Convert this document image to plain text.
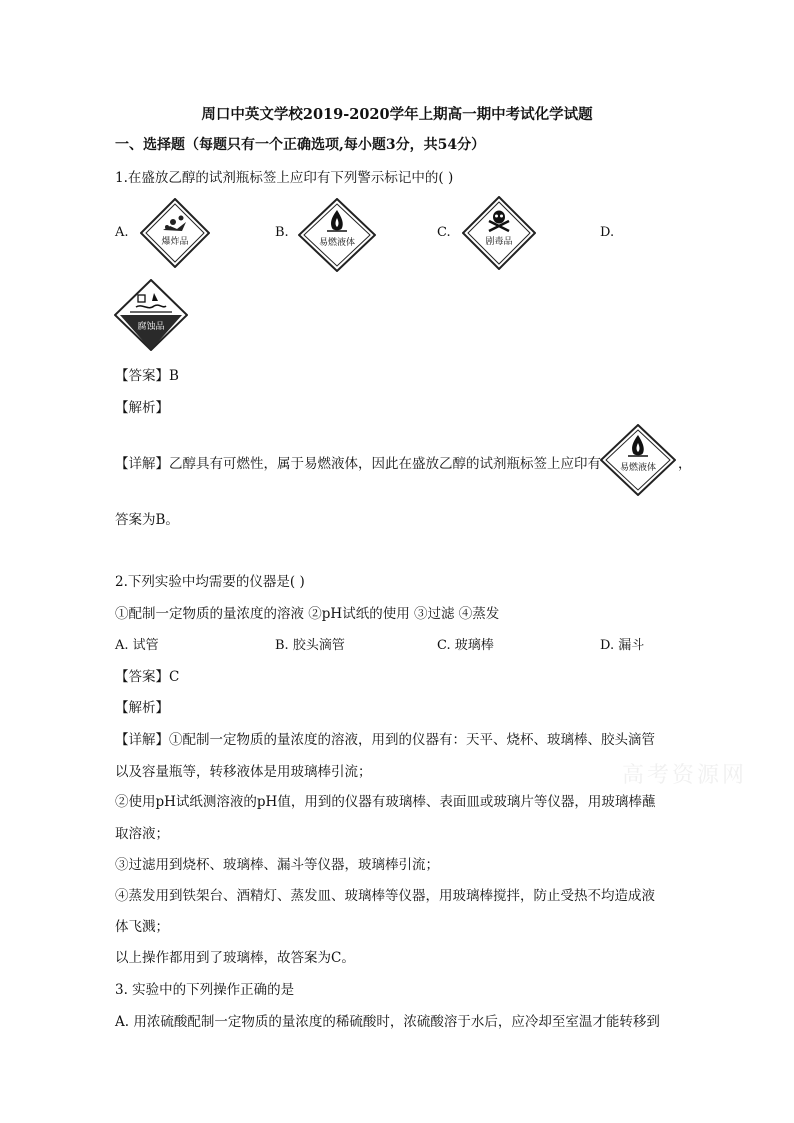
周口中英文学校2019-2020学年上期高一期中考试化学试题
一、选择题（每题只有一个正确选项,每小题3分，共54分）
1.在盛放乙醇的试剂瓶标签上应印有下列警示标记中的( )
A.
爆炸品
B.
易燃液体
C.
剧毒品
D.
腐蚀品
【答案】B
【解析】
【详解】乙醇具有可燃性，属于易燃液体，因此在盛放乙醇的试剂瓶标签上应印有 易燃液体 ，
答案为B。
2.下列实验中均需要的仪器是( )
①配制一定物质的量浓度的溶液 ②pH试纸的使用 ③过滤 ④蒸发
A. 试管	B. 胶头滴管	C. 玻璃棒	D. 漏斗
【答案】C
【解析】
【详解】①配制一定物质的量浓度的溶液，用到的仪器有：天平、烧杯、玻璃棒、胶头滴管
以及容量瓶等，转移液体是用玻璃棒引流；
②使用pH试纸测溶液的pH值，用到的仪器有玻璃棒、表面皿或玻璃片等仪器，用玻璃棒蘸
取溶液；
③过滤用到烧杯、玻璃棒、漏斗等仪器，玻璃棒引流；
④蒸发用到铁架台、酒精灯、蒸发皿、玻璃棒等仪器，用玻璃棒搅拌，防止受热不均造成液
体飞溅；
以上操作都用到了玻璃棒，故答案为C。
3. 实验中的下列操作正确的是
A. 用浓硫酸配制一定物质的量浓度的稀硫酸时，浓硫酸溶于水后，应冷却至室温才能转移到
高考资源网
